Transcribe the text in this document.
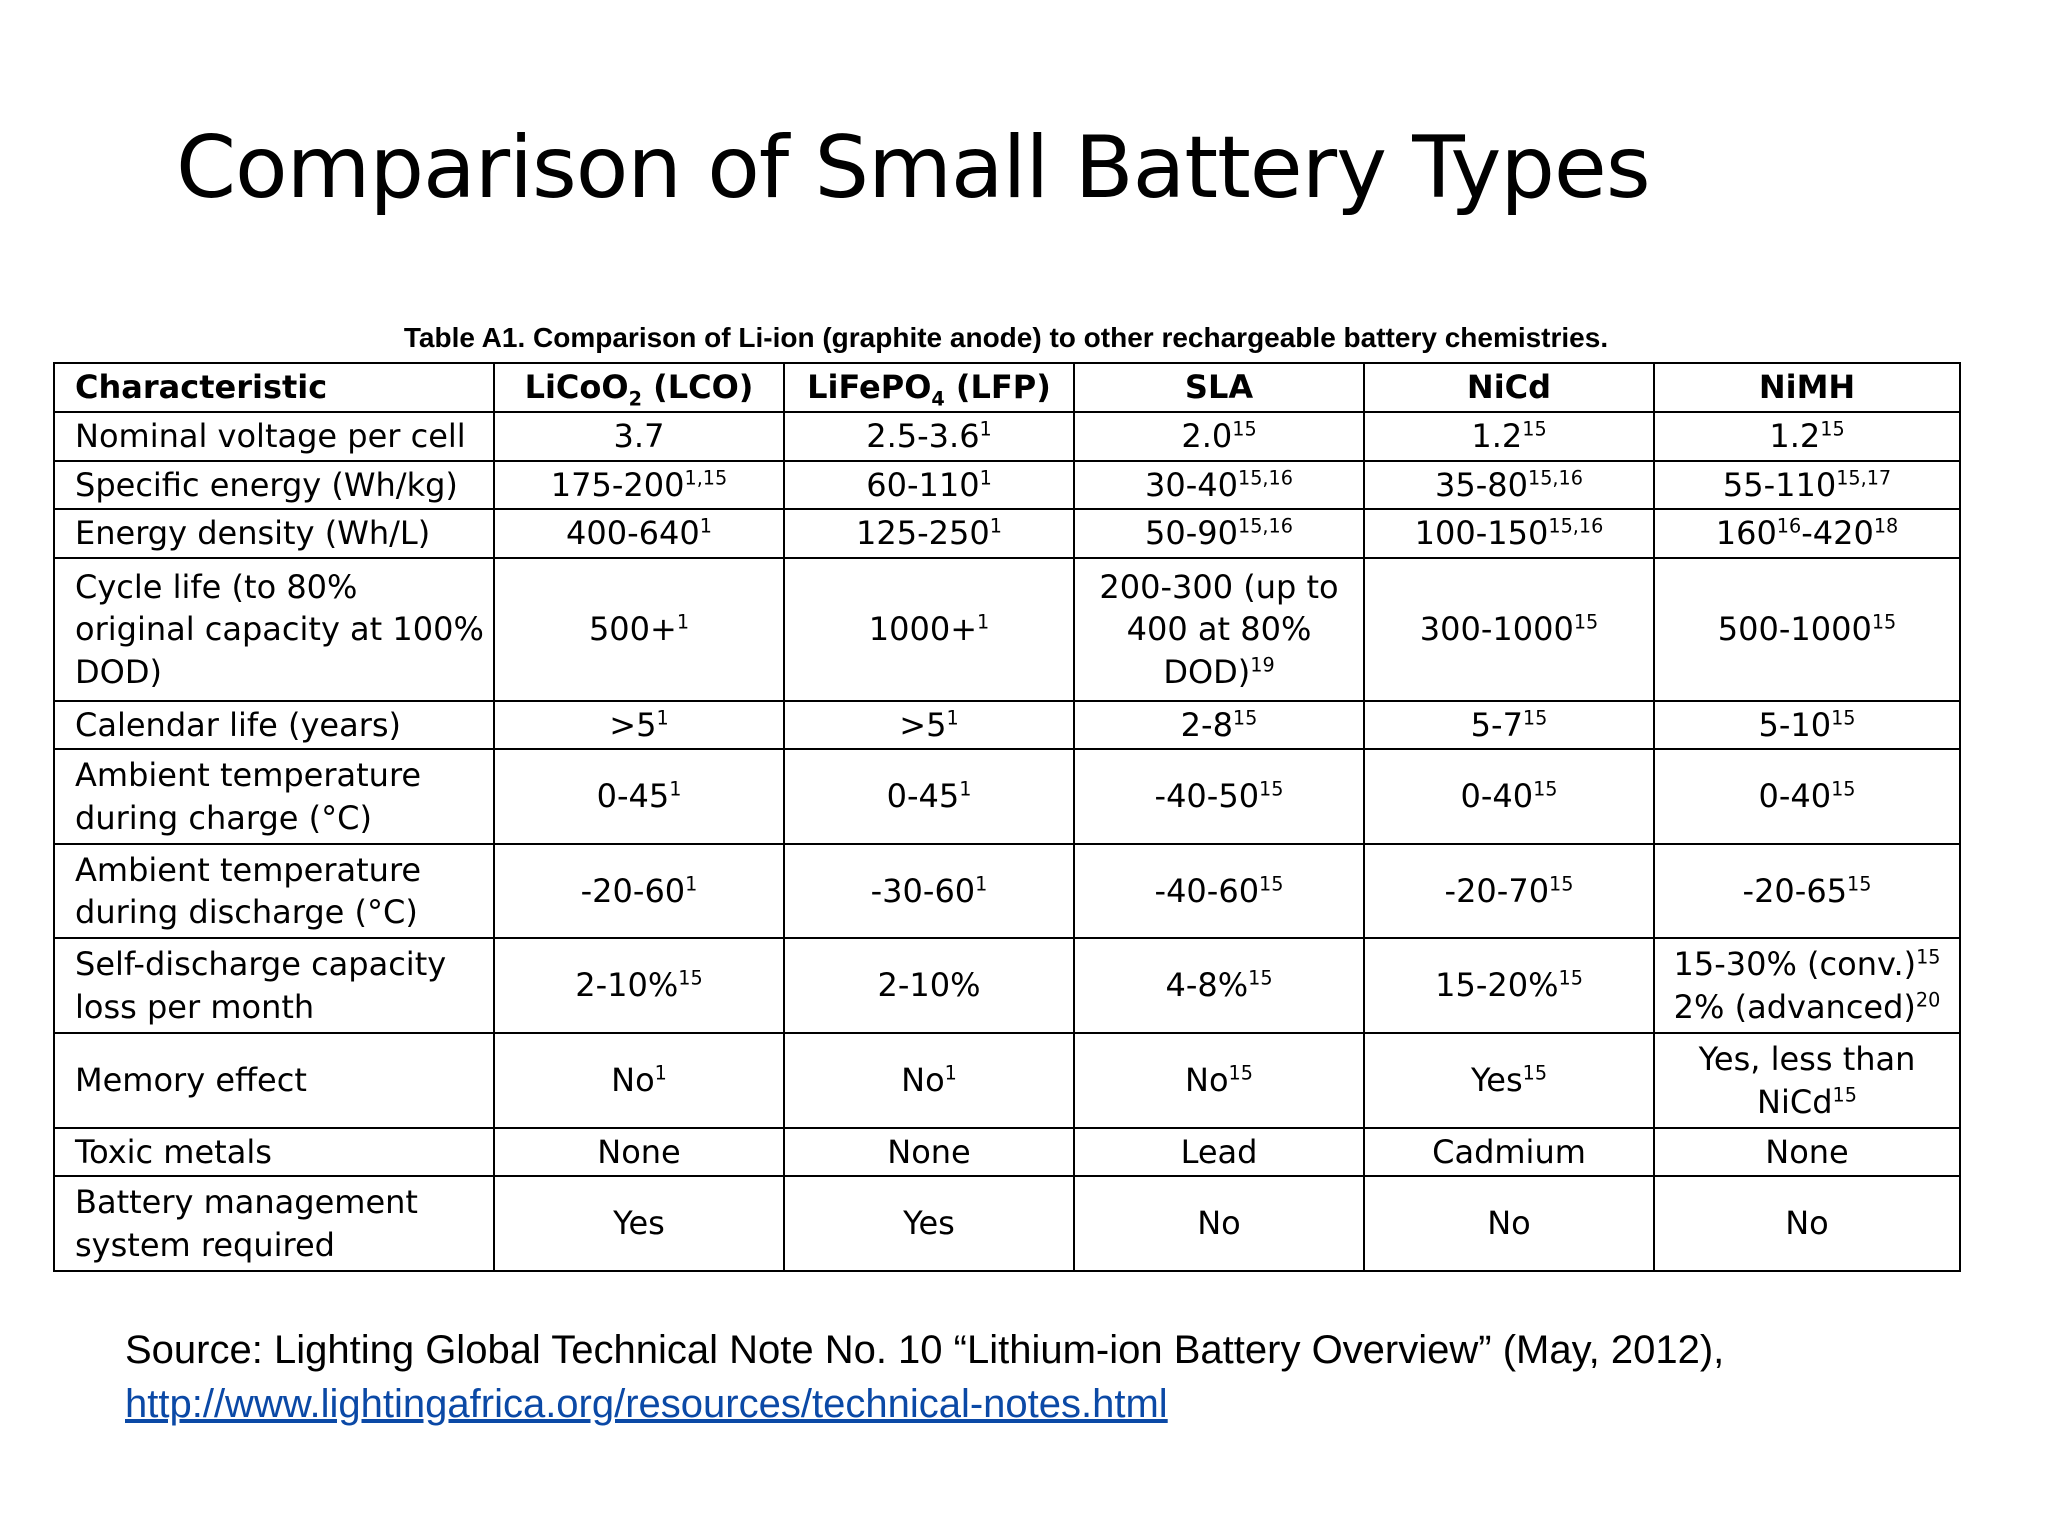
Comparison of Small Battery Types
Table A1. Comparison of Li-ion (graphite anode) to other rechargeable battery chemistries.
Characteristic	LiCoO$_2$ (LCO)	LiFePO$_4$ (LFP)	SLA	NiCd	NiMH
Nominal voltage per cell	3.7	$2.5-3.6^1$	$2.0^{15}$	$1.2^{15}$	$1.2^{15}$
Specific energy (Wh/kg)	175-200$^{1,15}$	$60-110^1$	30-40$^{15,16}$	35-80$^{15,16}$	55-110$^{15,17}$
Energy density (Wh/L)	$400-640^1$	$125-250^1$	50-90$^{15,16}$	100-150$^{15,16}$	$160^{16}-420^{18}$
Cycle life (to 80% original capacity at 100% DOD)	500+$^1$	1000+$^1$	200-300 (up to 400 at 80% DOD)$^{19}$	300-1000$^{15}$	500-1000$^{15}$
Calendar life (years)	$>5^1$	$>5^1$	$2-8^{15}$	$5-7^{15}$	$5-10^{15}$
Ambient temperature during charge (°C)	$0-45^1$	$0-45^1$	$-40-50^{15}$	$0-40^{15}$	$0-40^{15}$
Ambient temperature during discharge (°C)	$-20-60^1$	$-30-60^1$	$-40-60^{15}$	$-20-70^{15}$	$-20-65^{15}$
Self-discharge capacity loss per month	2-10%$^{15}$	2-10%	4-8%$^{15}$	15-20%$^{15}$	15-30% (conv.)$^{15}$
2% (advanced)$^{20}$
Memory effect	No$^1$	No$^1$	No$^{15}$	Yes$^{15}$	Yes, less than NiCd$^{15}$
Toxic metals	None	None	Lead	Cadmium	None
Battery management system required	Yes	Yes	No	No	No
Source: Lighting Global Technical Note No. 10 “Lithium-ion Battery Overview” (May, 2012),
http://www.lightingafrica.org/resources/technical-notes.html
